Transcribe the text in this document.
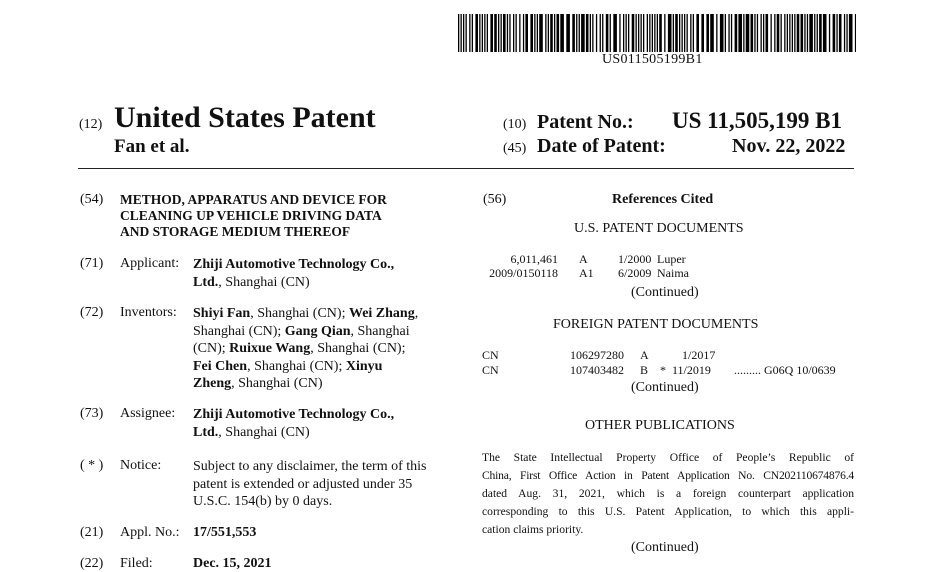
US011505199B1
(12) United States Patent
Fan et al.
(10) Patent No.: US 11,505,199 B1
(45) Date of Patent:	Nov. 22, 2022
(54) METHOD, APPARATUS AND DEVICE FOR
CLEANING UP VEHICLE DRIVING DATA
AND STORAGE MEDIUM THEREOF
(71) Applicant: Zhiji Automotive Technology Co.,
Ltd., Shanghai (CN)
(72) Inventors: Shiyi Fan, Shanghai (CN); Wei Zhang,
Shanghai (CN); Gang Qian, Shanghai
(CN); Ruixue Wang, Shanghai (CN);
Fei Chen, Shanghai (CN); Xinyu
Zheng, Shanghai (CN)
(73) Assignee: Zhiji Automotive Technology Co.,
Ltd., Shanghai (CN)
( * ) Notice: Subject to any disclaimer, the term of this
patent is extended or adjusted under 35
U.S.C. 154(b) by 0 days.
(21) Appl. No.: 17/551,553
(22) Filed:	Dec. 15, 2021
(56)	References Cited
U.S. PATENT DOCUMENTS
6,011,461 A	1/2000 Luper
2009/0150118 A1 6/2009 Naima
(Continued)
FOREIGN PATENT DOCUMENTS
CN	106297280 A	1/2017
CN	107403482 B * 11/2019 ......... G06Q 10/0639
(Continued)
OTHER PUBLICATIONS
The State Intellectual Property Office of People’s Republic of
China, First Office Action in Patent Application No. CN202110674876.4
dated Aug. 31, 2021, which is a foreign counterpart application
corresponding to this U.S. Patent Application, to which this appli-
cation claims priority.
(Continued)
